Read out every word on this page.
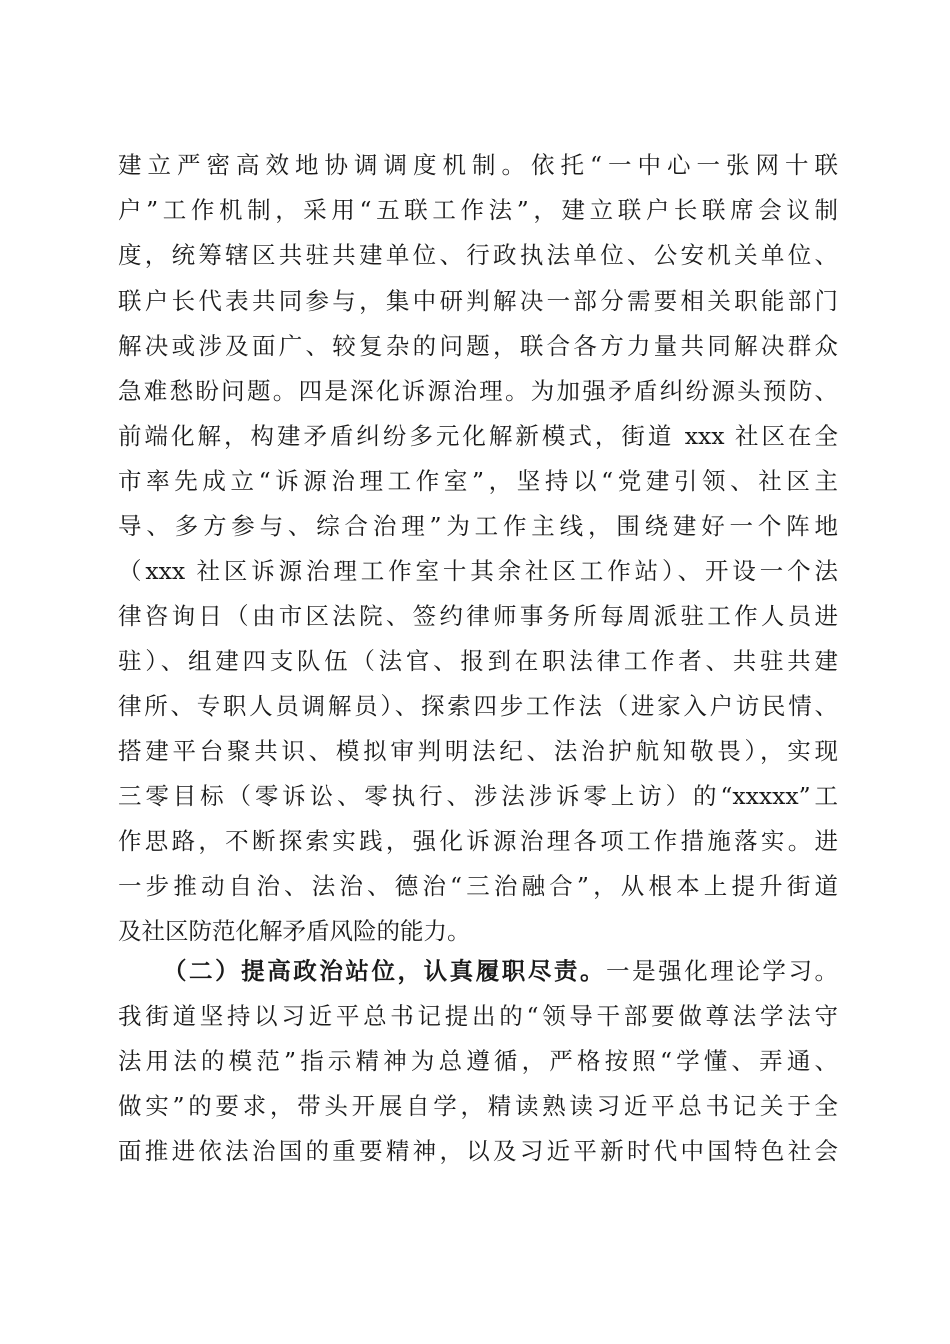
建立严密高效地协调调度机制。依托“一中心一张网十联
户”工作机制，采用“五联工作法”，建立联户长联席会议制
度，统筹辖区共驻共建单位、行政执法单位、公安机关单位、
联户长代表共同参与，集中研判解决一部分需要相关职能部门
解决或涉及面广、较复杂的问题，联合各方力量共同解决群众
急难愁盼问题。四是深化诉源治理。为加强矛盾纠纷源头预防、
前端化解，构建矛盾纠纷多元化解新模式，街道 xxx 社区在全
市率先成立“诉源治理工作室”，坚持以“党建引领、社区主
导、多方参与、综合治理”为工作主线，围绕建好一个阵地
（xxx 社区诉源治理工作室十其余社区工作站）、开设一个法
律咨询日（由市区法院、签约律师事务所每周派驻工作人员进
驻）、组建四支队伍（法官、报到在职法律工作者、共驻共建
律所、专职人员调解员）、探索四步工作法（进家入户访民情、
搭建平台聚共识、模拟审判明法纪、法治护航知敬畏），实现
三零目标（零诉讼、零执行、涉法涉诉零上访）的“xxxxx”工
作思路，不断探索实践，强化诉源治理各项工作措施落实。进
一步推动自治、法治、德治“三治融合”，从根本上提升街道
及社区防范化解矛盾风险的能力。
（二）提高政治站位，认真履职尽责。一是强化理论学习。
我街道坚持以习近平总书记提出的“领导干部要做尊法学法守
法用法的模范”指示精神为总遵循，严格按照“学懂、弄通、
做实”的要求，带头开展自学，精读熟读习近平总书记关于全
面推进依法治国的重要精神，以及习近平新时代中国特色社会
